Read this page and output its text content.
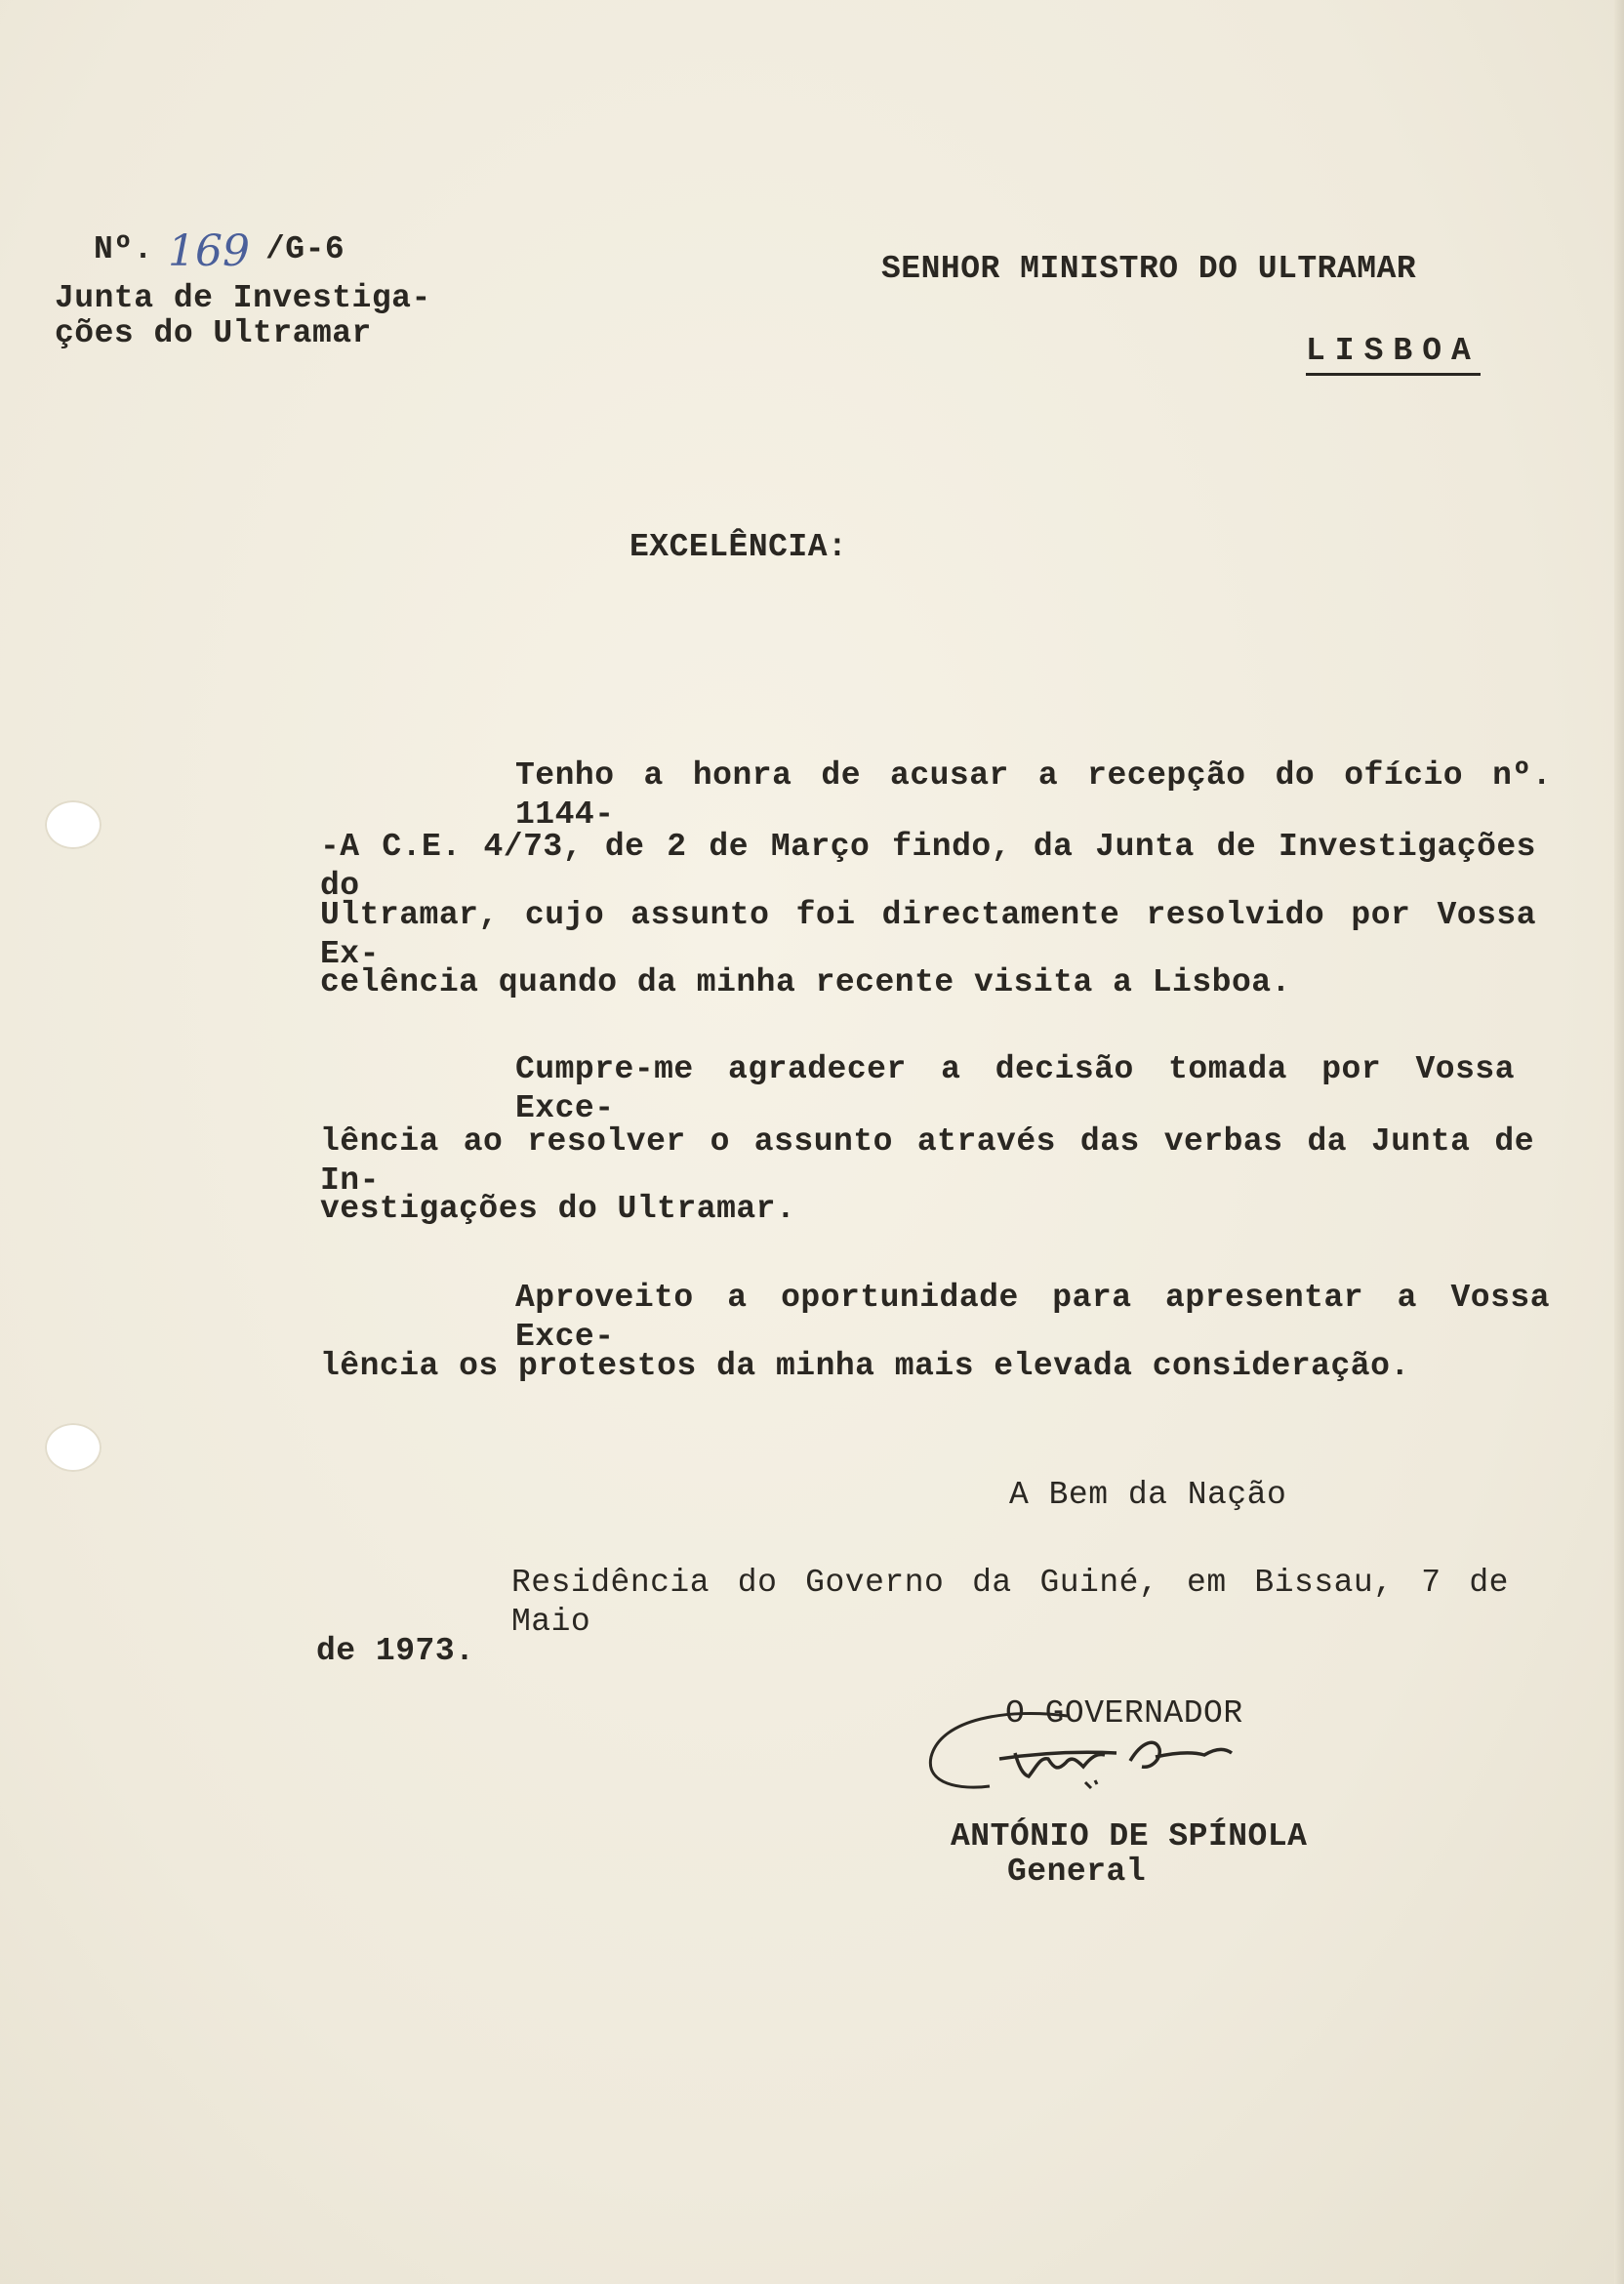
Nº. 169 /G-6
Junta de Investiga-
ções do Ultramar
SENHOR MINISTRO DO ULTRAMAR
LISBOA
EXCELÊNCIA:
Tenho a honra de acusar a recepção do ofício nº. 1144-
-A C.E. 4/73, de 2 de Março findo, da Junta de Investigações do
Ultramar, cujo assunto foi directamente resolvido por Vossa Ex-
celência quando da minha recente visita a Lisboa.
Cumpre-me agradecer a decisão tomada por Vossa Exce-
lência ao resolver o assunto através das verbas da Junta de In-
vestigações do Ultramar.
Aproveito a oportunidade para apresentar a Vossa Exce-
lência os protestos da minha mais elevada consideração.
A Bem da Nação
Residência do Governo da Guiné, em Bissau, 7 de Maio
de 1973.
O GOVERNADOR
ANTÓNIO DE SPÍNOLA
General
